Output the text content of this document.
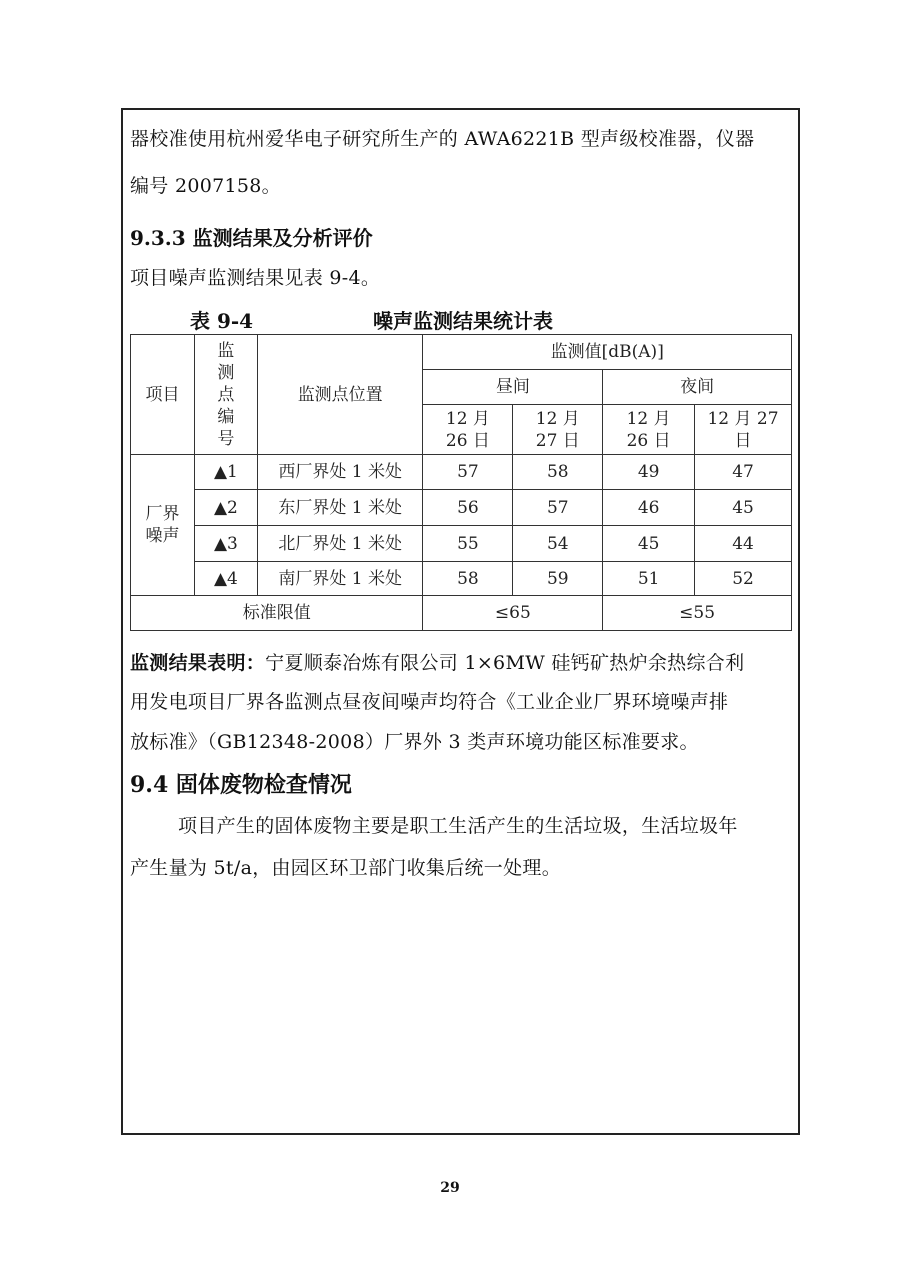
器校准使用杭州爱华电子研究所生产的 AWA6221B 型声级校准器，仪器

编号 2007158。

9.3.3 监测结果及分析评价

项目噪声监测结果见表 9-4。

表 9-4	噪声监测结果统计表
项目	监测点编号	监测点位置	监测值[dB(A)]			
			昼间		夜间	
			12 月 26 日	12 月 27 日	12 月 26 日	12 月 27 日
厂界噪声	▲1	西厂界处 1 米处	57	58	49	47
	▲2	东厂界处 1 米处	56	57	46	45
	▲3	北厂界处 1 米处	55	54	45	44
	▲4	南厂界处 1 米处	58	59	51	52
标准限值			≤65		≤55	

监测结果表明：宁夏顺泰冶炼有限公司 1×6MW 硅钙矿热炉余热综合利

用发电项目厂界各监测点昼夜间噪声均符合《工业企业厂界环境噪声排

放标准》（GB12348-2008）厂界外 3 类声环境功能区标准要求。

9.4 固体废物检查情况

项目产生的固体废物主要是职工生活产生的生活垃圾，生活垃圾年

产生量为 5t/a，由园区环卫部门收集后统一处理。

29
